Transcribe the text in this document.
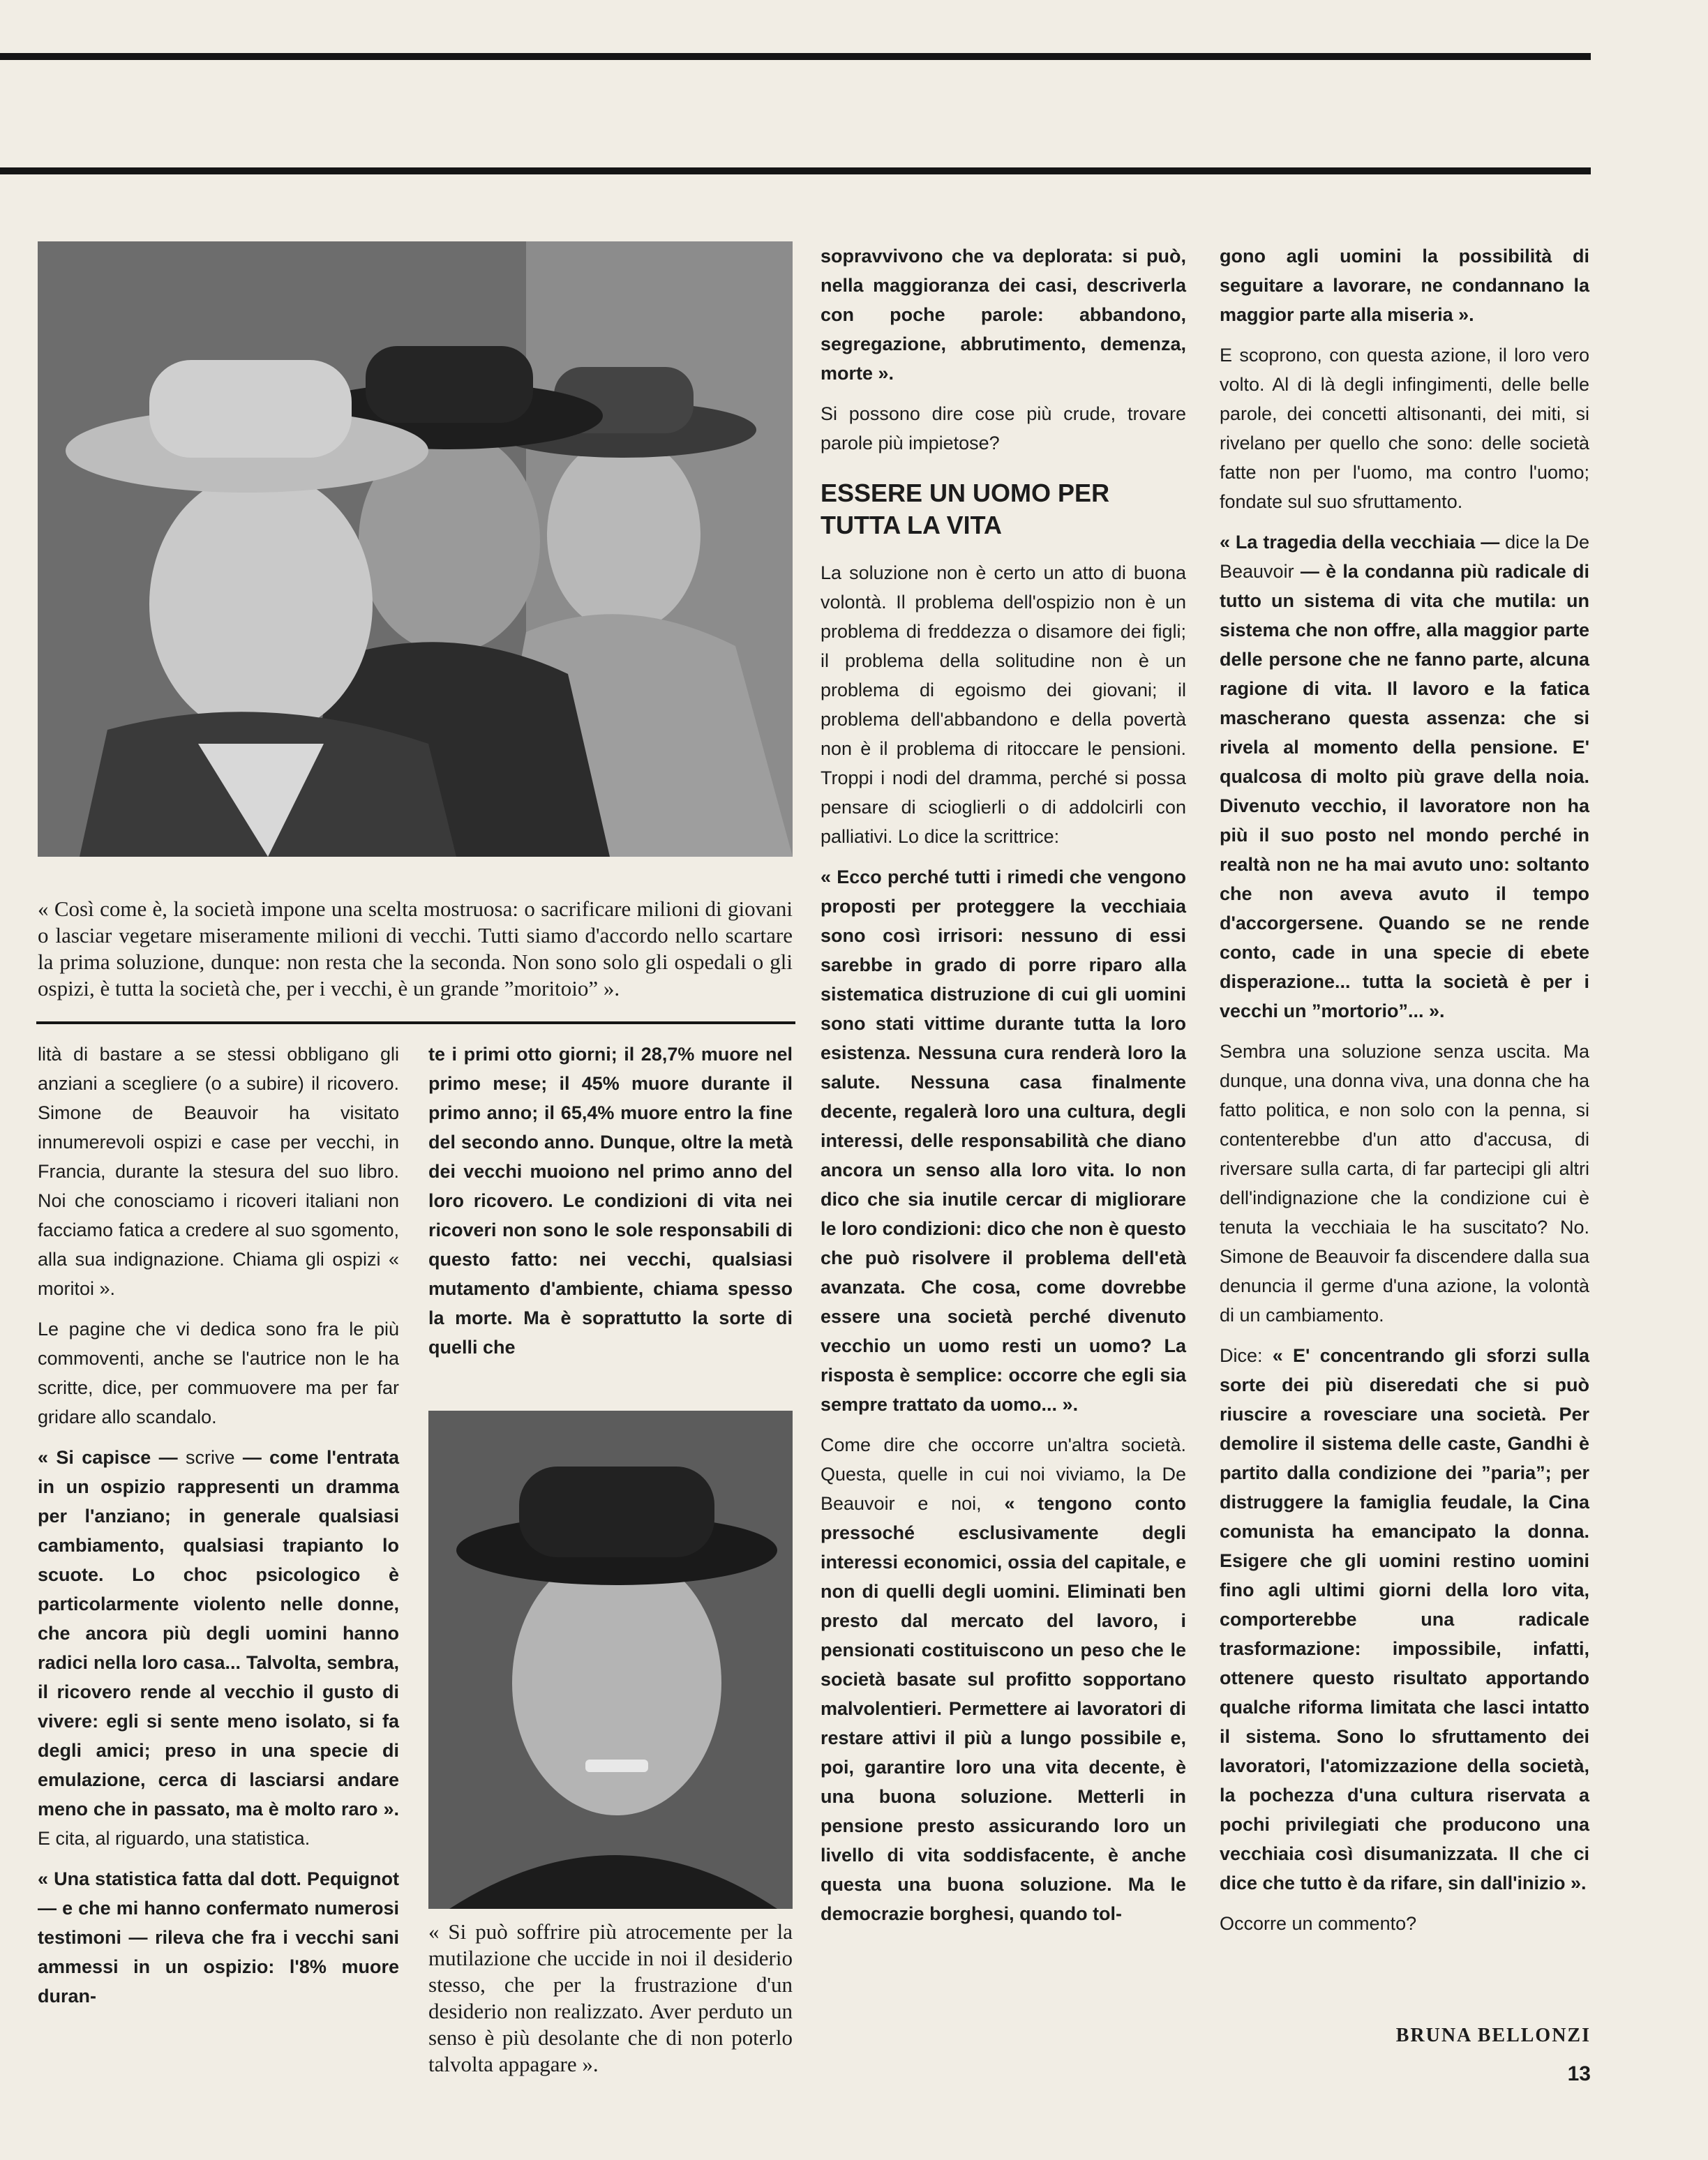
« Così come è, la società impone una scelta mostruosa: o sacrificare milioni di giovani o lasciar vegetare miseramente milioni di vecchi. Tutti siamo d'accordo nello scartare la prima soluzione, dunque: non resta che la seconda. Non sono solo gli ospedali o gli ospizi, è tutta la società che, per i vecchi, è un grande ”moritoio” ».

lità di bastare a se stessi obbligano gli anziani a scegliere (o a subire) il ricovero. Simone de Beauvoir ha visitato innumerevoli ospizi e case per vecchi, in Francia, durante la stesura del suo libro. Noi che conosciamo i ricoveri italiani non facciamo fatica a credere al suo sgomento, alla sua indignazione. Chiama gli ospizi « moritoi ».

Le pagine che vi dedica sono fra le più commoventi, anche se l'autrice non le ha scritte, dice, per commuovere ma per far gridare allo scandalo.

« Si capisce — scrive — come l'entrata in un ospizio rappresenti un dramma per l'anziano; in generale qualsiasi cambiamento, qualsiasi trapianto lo scuote. Lo choc psicologico è particolarmente violento nelle donne, che ancora più degli uomini hanno radici nella loro casa... Talvolta, sembra, il ricovero rende al vecchio il gusto di vivere: egli si sente meno isolato, si fa degli amici; preso in una specie di emulazione, cerca di lasciarsi andare meno che in passato, ma è molto raro ». E cita, al riguardo, una statistica.

« Una statistica fatta dal dott. Pequignot — e che mi hanno confermato numerosi testimoni — rileva che fra i vecchi sani ammessi in un ospizio: l'8% muore duran-

te i primi otto giorni; il 28,7% muore nel primo mese; il 45% muore durante il primo anno; il 65,4% muore entro la fine del secondo anno. Dunque, oltre la metà dei vecchi muoiono nel primo anno del loro ricovero. Le condizioni di vita nei ricoveri non sono le sole responsabili di questo fatto: nei vecchi, qualsiasi mutamento d'ambiente, chiama spesso la morte. Ma è soprattutto la sorte di quelli che

« Si può soffrire più atrocemente per la mutilazione che uccide in noi il desiderio stesso, che per la frustrazione d'un desiderio non realizzato. Aver perduto un senso è più desolante che di non poterlo talvolta appagare ».

sopravvivono che va deplorata: si può, nella maggioranza dei casi, descriverla con poche parole: abbandono, segregazione, abbrutimento, demenza, morte ».

Si possono dire cose più crude, trovare parole più impietose?

ESSERE UN UOMO PER TUTTA LA VITA

La soluzione non è certo un atto di buona volontà. Il problema dell'ospizio non è un problema di freddezza o disamore dei figli; il problema della solitudine non è un problema di egoismo dei giovani; il problema dell'abbandono e della povertà non è il problema di ritoccare le pensioni. Troppi i nodi del dramma, perché si possa pensare di scioglierli o di addolcirli con palliativi. Lo dice la scrittrice:

« Ecco perché tutti i rimedi che vengono proposti per proteggere la vecchiaia sono così irrisori: nessuno di essi sarebbe in grado di porre riparo alla sistematica distruzione di cui gli uomini sono stati vittime durante tutta la loro esistenza. Nessuna cura renderà loro la salute. Nessuna casa finalmente decente, regalerà loro una cultura, degli interessi, delle responsabilità che diano ancora un senso alla loro vita. Io non dico che sia inutile cercar di migliorare le loro condizioni: dico che non è questo che può risolvere il problema dell'età avanzata. Che cosa, come dovrebbe essere una società perché divenuto vecchio un uomo resti un uomo? La risposta è semplice: occorre che egli sia sempre trattato da uomo... ».

Come dire che occorre un'altra società. Questa, quelle in cui noi viviamo, la De Beauvoir e noi, « tengono conto pressoché esclusivamente degli interessi economici, ossia del capitale, e non di quelli degli uomini. Eliminati ben presto dal mercato del lavoro, i pensionati costituiscono un peso che le società basate sul profitto sopportano malvolentieri. Permettere ai lavoratori di restare attivi il più a lungo possibile e, poi, garantire loro una vita decente, è una buona soluzione. Metterli in pensione presto assicurando loro un livello di vita soddisfacente, è anche questa una buona soluzione. Ma le democrazie borghesi, quando tol-

gono agli uomini la possibilità di seguitare a lavorare, ne condannano la maggior parte alla miseria ».

E scoprono, con questa azione, il loro vero volto. Al di là degli infingimenti, delle belle parole, dei concetti altisonanti, dei miti, si rivelano per quello che sono: delle società fatte non per l'uomo, ma contro l'uomo; fondate sul suo sfruttamento.

« La tragedia della vecchiaia — dice la De Beauvoir — è la condanna più radicale di tutto un sistema di vita che mutila: un sistema che non offre, alla maggior parte delle persone che ne fanno parte, alcuna ragione di vita. Il lavoro e la fatica mascherano questa assenza: che si rivela al momento della pensione. E' qualcosa di molto più grave della noia. Divenuto vecchio, il lavoratore non ha più il suo posto nel mondo perché in realtà non ne ha mai avuto uno: soltanto che non aveva avuto il tempo d'accorgersene. Quando se ne rende conto, cade in una specie di ebete disperazione... tutta la società è per i vecchi un ”mortorio”... ».

Sembra una soluzione senza uscita. Ma dunque, una donna viva, una donna che ha fatto politica, e non solo con la penna, si contenterebbe d'un atto d'accusa, di riversare sulla carta, di far partecipi gli altri dell'indignazione che la condizione cui è tenuta la vecchiaia le ha suscitato? No. Simone de Beauvoir fa discendere dalla sua denuncia il germe d'una azione, la volontà di un cambiamento.

Dice: « E' concentrando gli sforzi sulla sorte dei più diseredati che si può riuscire a rovesciare una società. Per demolire il sistema delle caste, Gandhi è partito dalla condizione dei ”paria”; per distruggere la famiglia feudale, la Cina comunista ha emancipato la donna. Esigere che gli uomini restino uomini fino agli ultimi giorni della loro vita, comporterebbe una radicale trasformazione: impossibile, infatti, ottenere questo risultato apportando qualche riforma limitata che lasci intatto il sistema. Sono lo sfruttamento dei lavoratori, l'atomizzazione della società, la pochezza d'una cultura riservata a pochi privilegiati che producono una vecchiaia così disumanizzata. Il che ci dice che tutto è da rifare, sin dall'inizio ».

Occorre un commento?

BRUNA BELLONZI
13
